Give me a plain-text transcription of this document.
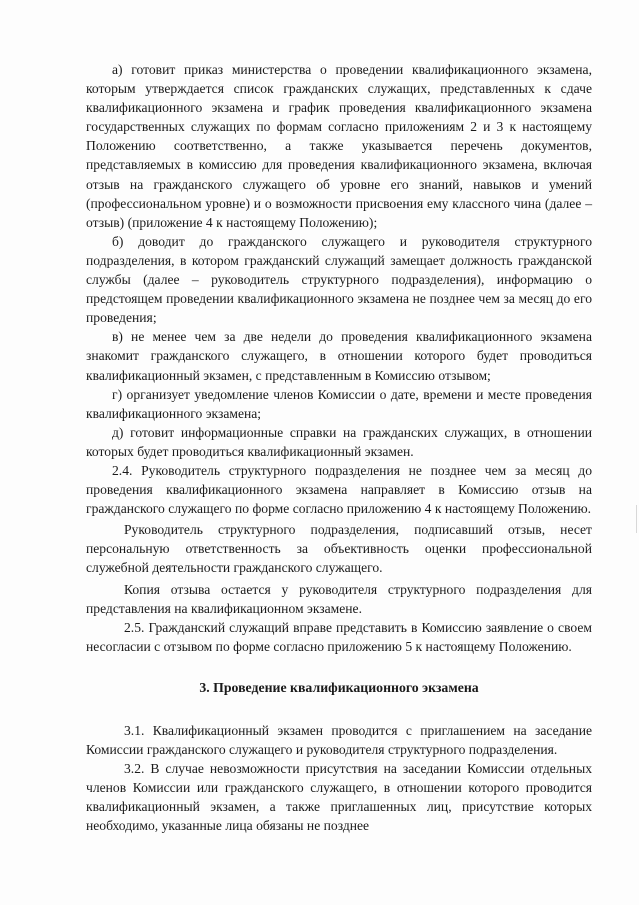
а) готовит приказ министерства о проведении квалификационного экзамена, которым утверждается список гражданских служащих, представленных к сдаче квалификационного экзамена и график проведения квалификационного экзамена государственных служащих по формам согласно приложениям 2 и 3 к настоящему Положению соответственно, а также указывается перечень документов, представляемых в комиссию для проведения квалификационного экзамена, включая отзыв на гражданского служащего об уровне его знаний, навыков и умений (профессиональном уровне) и о возможности присвоения ему классного чина (далее – отзыв) (приложение 4 к настоящему Положению);

б) доводит до гражданского служащего и руководителя структурного подразделения, в котором гражданский служащий замещает должность гражданской службы (далее – руководитель структурного подразделения), информацию о предстоящем проведении квалификационного экзамена не позднее чем за месяц до его проведения;

в) не менее чем за две недели до проведения квалификационного экзамена знакомит гражданского служащего, в отношении которого будет проводиться квалификационный экзамен, с представленным в Комиссию отзывом;

г) организует уведомление членов Комиссии о дате, времени и месте проведения квалификационного экзамена;

д) готовит информационные справки на гражданских служащих, в отношении которых будет проводиться квалификационный экзамен.

2.4. Руководитель структурного подразделения не позднее чем за месяц до проведения квалификационного экзамена направляет в Комиссию отзыв на гражданского служащего по форме согласно приложению 4 к настоящему Положению.

Руководитель структурного подразделения, подписавший отзыв, несет персональную ответственность за объективность оценки профессиональной служебной деятельности гражданского служащего.

Копия отзыва остается у руководителя структурного подразделения для представления на квалификационном экзамене.

2.5. Гражданский служащий вправе представить в Комиссию заявление о своем несогласии с отзывом по форме согласно приложению 5 к настоящему Положению.

3. Проведение квалификационного экзамена

3.1. Квалификационный экзамен проводится с приглашением на заседание Комиссии гражданского служащего и руководителя структурного подразделения.

3.2. В случае невозможности присутствия на заседании Комиссии отдельных членов Комиссии или гражданского служащего, в отношении которого проводится квалификационный экзамен, а также приглашенных лиц, присутствие которых необходимо, указанные лица обязаны не позднее
